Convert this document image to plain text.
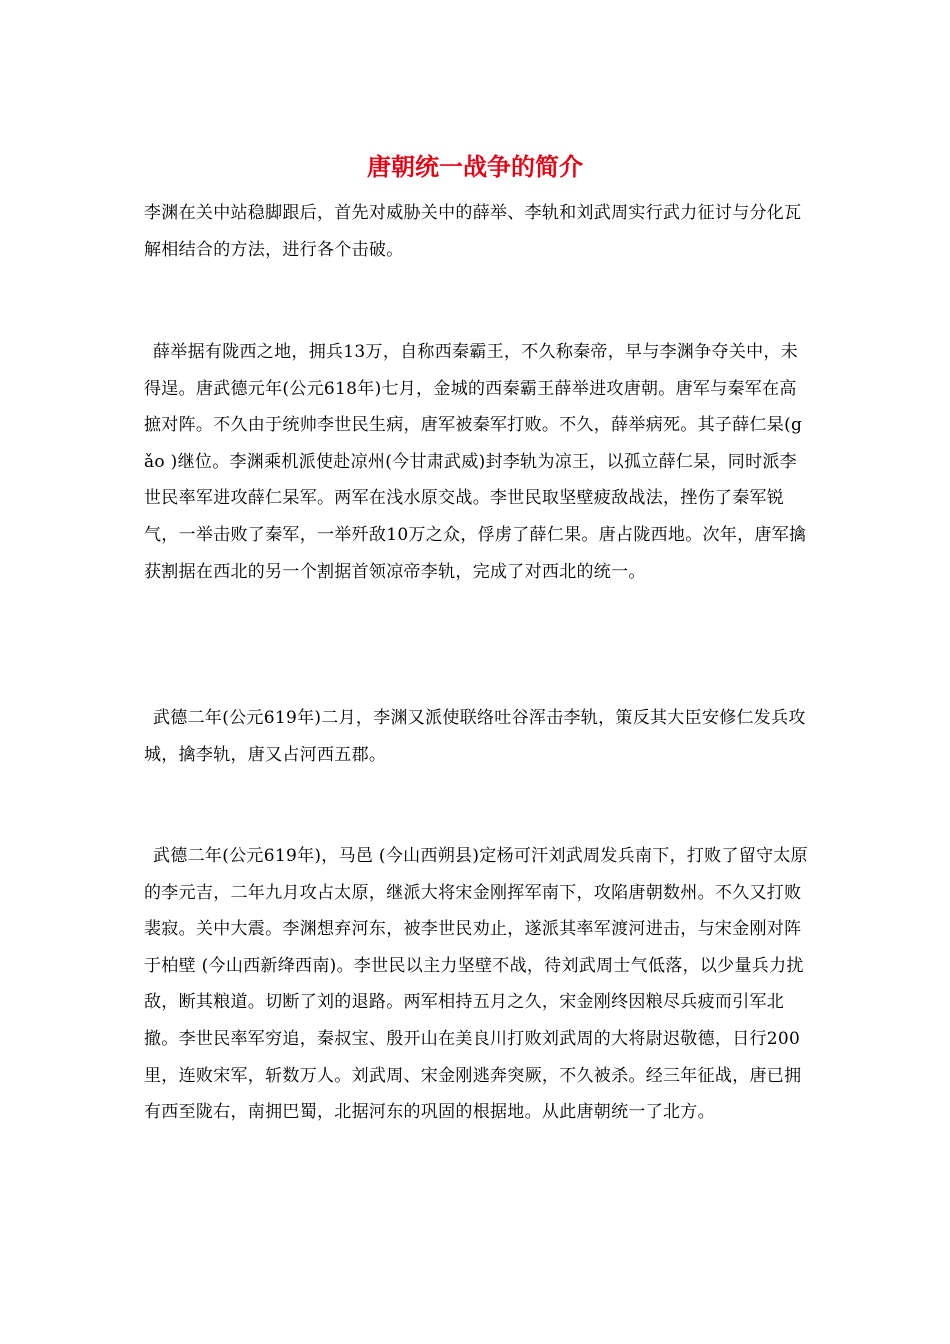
唐朝统一战争的简介

李渊在关中站稳脚跟后，首先对威胁关中的薛举、李轨和刘武周实行武力征讨与分化瓦解相结合的方法，进行各个击破。

薛举据有陇西之地，拥兵13万，自称西秦霸王，不久称秦帝，早与李渊争夺关中，未得逞。唐武德元年(公元618年)七月，金城的西秦霸王薛举进攻唐朝。唐军与秦军在高摭对阵。不久由于统帅李世民生病，唐军被秦军打败。不久，薛举病死。其子薛仁杲(gǎo )继位。李渊乘机派使赴凉州(今甘肃武威)封李轨为凉王，以孤立薛仁杲，同时派李世民率军进攻薛仁杲军。两军在浅水原交战。李世民取坚壁疲敌战法，挫伤了秦军锐气，一举击败了秦军，一举歼敌10万之众，俘虏了薛仁果。唐占陇西地。次年，唐军擒获割据在西北的另一个割据首领凉帝李轨，完成了对西北的统一。

武德二年(公元619年)二月，李渊又派使联络吐谷浑击李轨，策反其大臣安修仁发兵攻城，擒李轨，唐又占河西五郡。

武德二年(公元619年)，马邑 (今山西朔县)定杨可汗刘武周发兵南下，打败了留守太原的李元吉，二年九月攻占太原，继派大将宋金刚挥军南下，攻陷唐朝数州。不久又打败裴寂。关中大震。李渊想弃河东，被李世民劝止，遂派其率军渡河进击，与宋金刚对阵于柏壁 (今山西新绛西南)。李世民以主力坚壁不战，待刘武周士气低落，以少量兵力扰敌，断其粮道。切断了刘的退路。两军相持五月之久，宋金刚终因粮尽兵疲而引军北撤。李世民率军穷追，秦叔宝、殷开山在美良川打败刘武周的大将尉迟敬德，日行200里，连败宋军，斩数万人。刘武周、宋金刚逃奔突厥，不久被杀。经三年征战，唐已拥有西至陇右，南拥巴蜀，北据河东的巩固的根据地。从此唐朝统一了北方。
